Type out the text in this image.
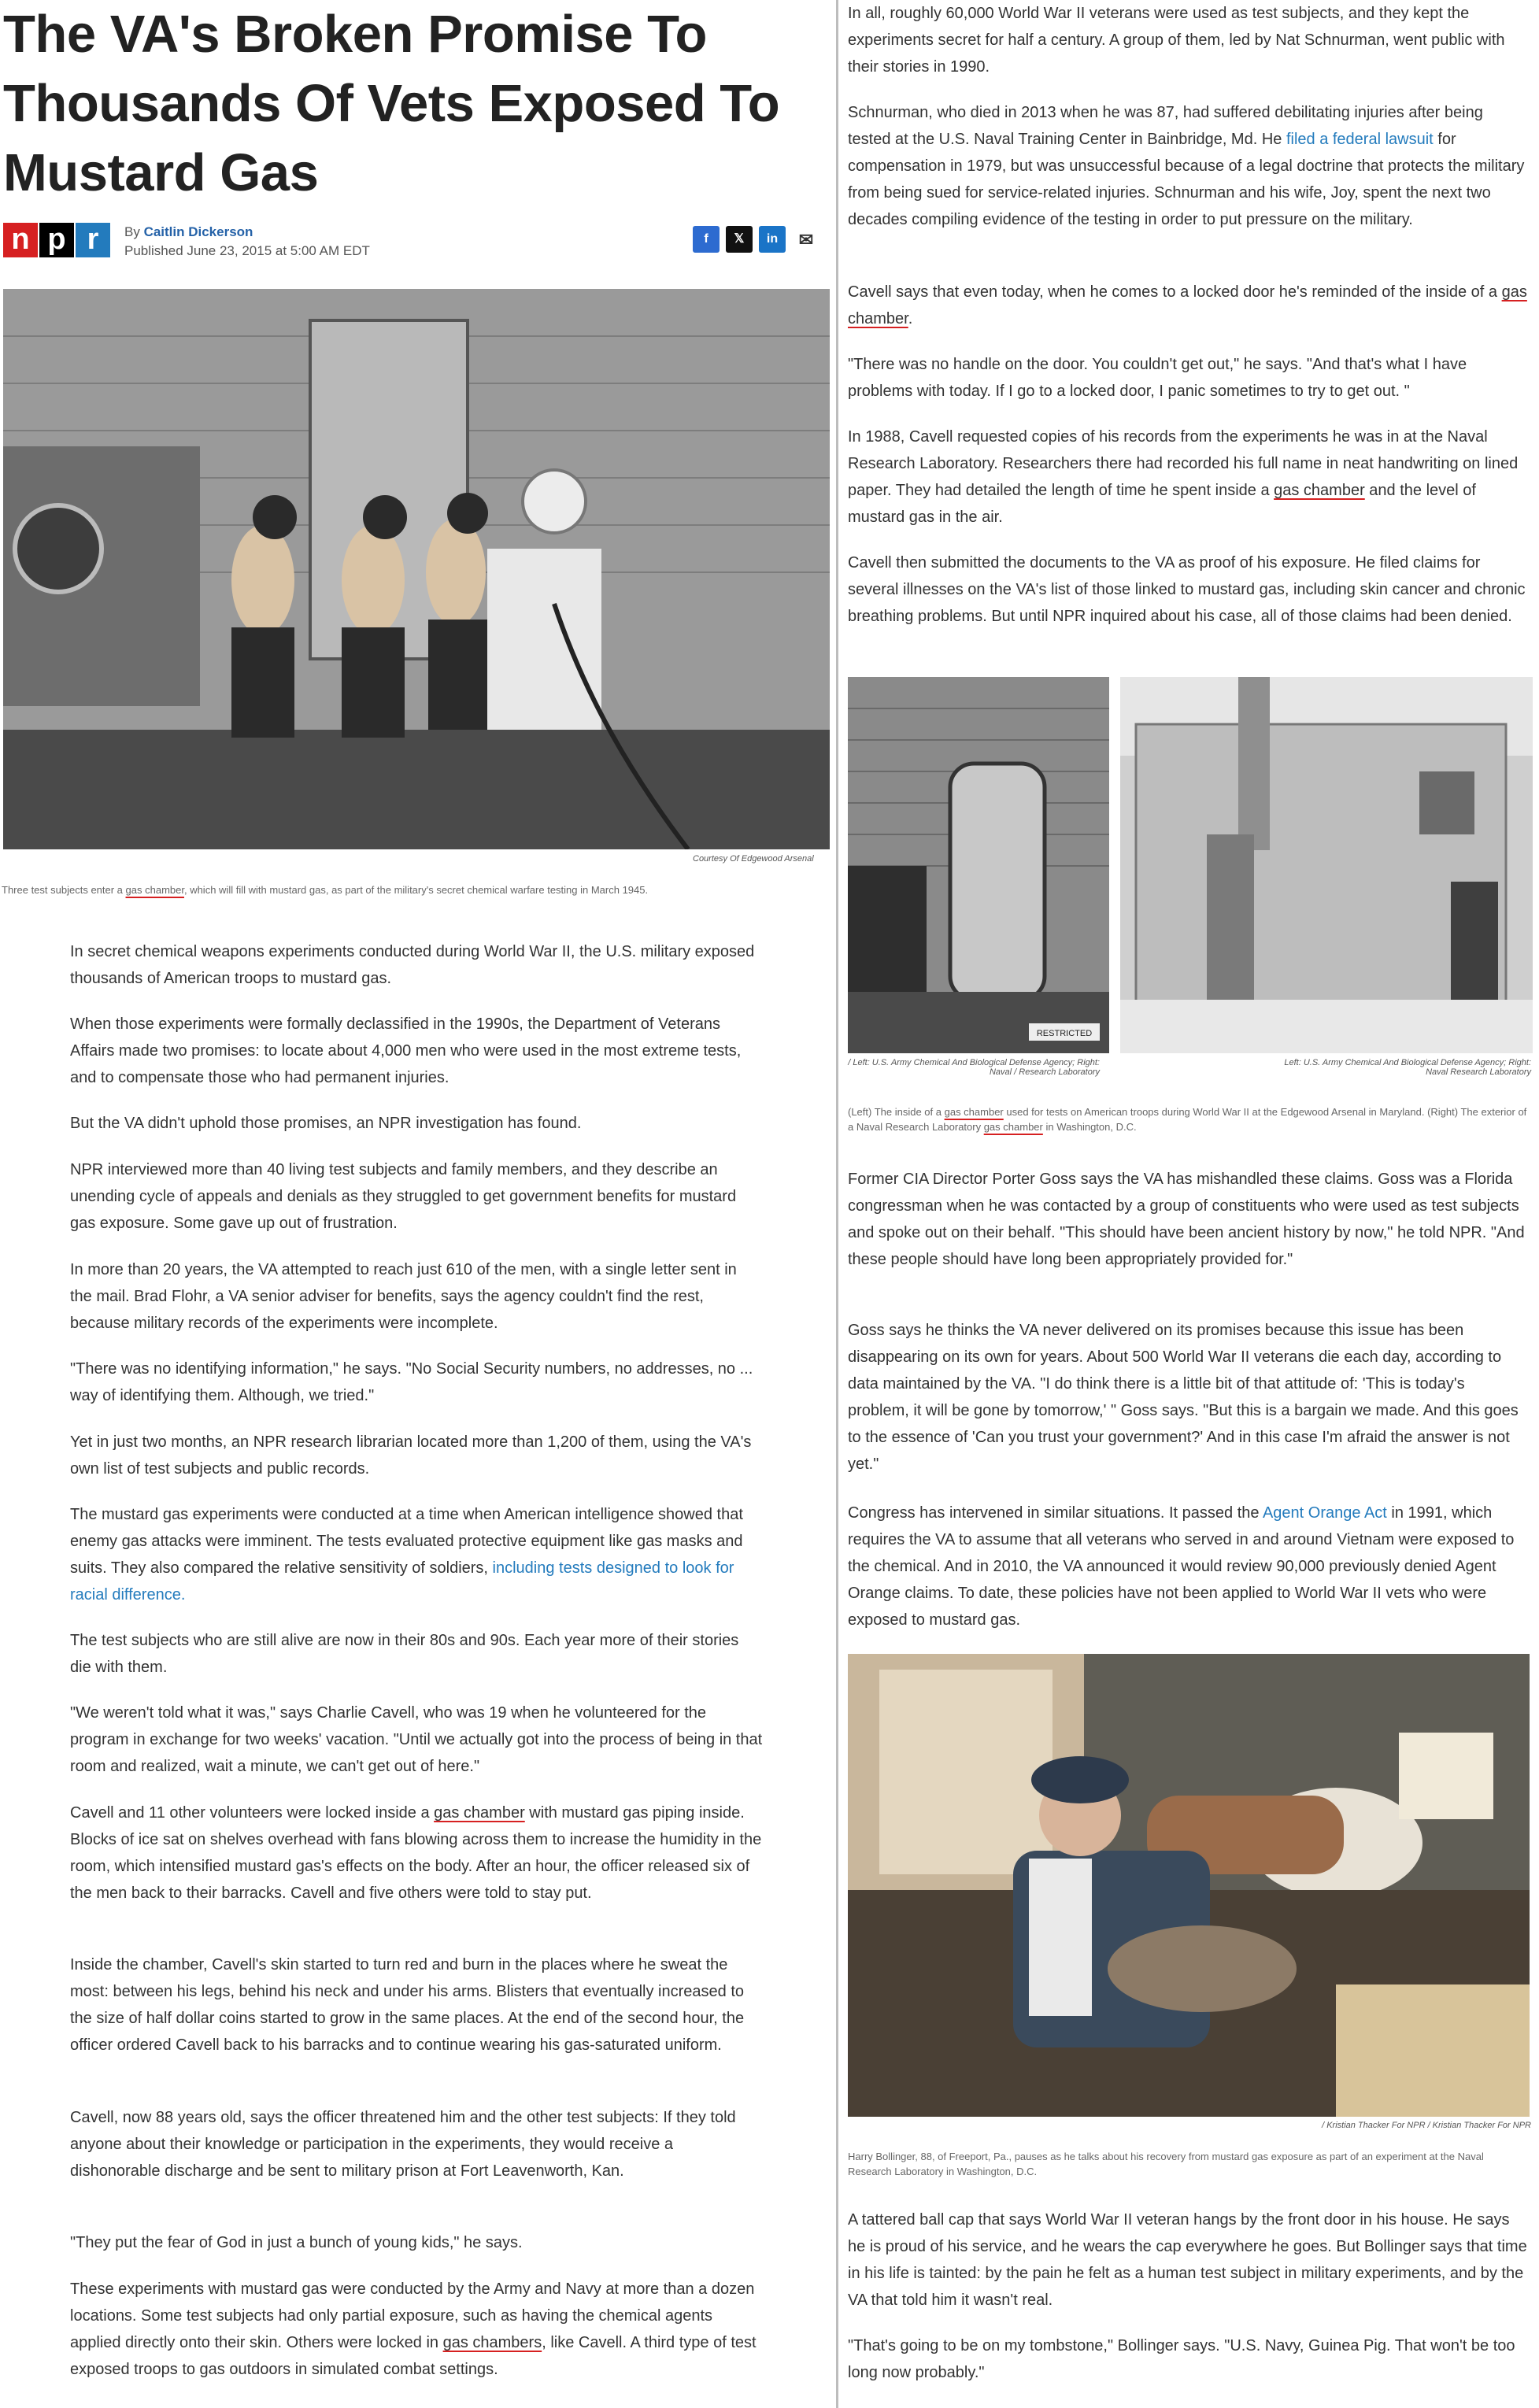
The VA's Broken Promise To Thousands Of Vets Exposed To Mustard Gas
n p r	By Caitlin Dickerson
Published June 23, 2015 at 5:00 AM EDT
f	𝕏	in	✉
Courtesy Of Edgewood Arsenal
Three test subjects enter a gas chamber, which will fill with mustard gas, as part of the military's secret chemical warfare testing in March 1945.

In secret chemical weapons experiments conducted during World War II, the U.S. military exposed thousands of American troops to mustard gas.

When those experiments were formally declassified in the 1990s, the Department of Veterans Affairs made two promises: to locate about 4,000 men who were used in the most extreme tests, and to compensate those who had permanent injuries.

But the VA didn't uphold those promises, an NPR investigation has found.

NPR interviewed more than 40 living test subjects and family members, and they describe an unending cycle of appeals and denials as they struggled to get government benefits for mustard gas exposure. Some gave up out of frustration.

In more than 20 years, the VA attempted to reach just 610 of the men, with a single letter sent in the mail. Brad Flohr, a VA senior adviser for benefits, says the agency couldn't find the rest, because military records of the experiments were incomplete.

"There was no identifying information," he says. "No Social Security numbers, no addresses, no ... way of identifying them. Although, we tried."

Yet in just two months, an NPR research librarian located more than 1,200 of them, using the VA's own list of test subjects and public records.

The mustard gas experiments were conducted at a time when American intelligence showed that enemy gas attacks were imminent. The tests evaluated protective equipment like gas masks and suits. They also compared the relative sensitivity of soldiers, including tests designed to look for racial difference.

The test subjects who are still alive are now in their 80s and 90s. Each year more of their stories die with them.

"We weren't told what it was," says Charlie Cavell, who was 19 when he volunteered for the program in exchange for two weeks' vacation. "Until we actually got into the process of being in that room and realized, wait a minute, we can't get out of here."

Cavell and 11 other volunteers were locked inside a gas chamber with mustard gas piping inside. Blocks of ice sat on shelves overhead with fans blowing across them to increase the humidity in the room, which intensified mustard gas's effects on the body. After an hour, the officer released six of the men back to their barracks. Cavell and five others were told to stay put.

Inside the chamber, Cavell's skin started to turn red and burn in the places where he sweat the most: between his legs, behind his neck and under his arms. Blisters that eventually increased to the size of half dollar coins started to grow in the same places. At the end of the second hour, the officer ordered Cavell back to his barracks and to continue wearing his gas-saturated uniform.

Cavell, now 88 years old, says the officer threatened him and the other test subjects: If they told anyone about their knowledge or participation in the experiments, they would receive a dishonorable discharge and be sent to military prison at Fort Leavenworth, Kan.

"They put the fear of God in just a bunch of young kids," he says.

These experiments with mustard gas were conducted by the Army and Navy at more than a dozen locations. Some test subjects had only partial exposure, such as having the chemical agents applied directly onto their skin. Others were locked in gas chambers, like Cavell. A third type of test exposed troops to gas outdoors in simulated combat settings.

In all, roughly 60,000 World War II veterans were used as test subjects, and they kept the experiments secret for half a century. A group of them, led by Nat Schnurman, went public with their stories in 1990.

Schnurman, who died in 2013 when he was 87, had suffered debilitating injuries after being tested at the U.S. Naval Training Center in Bainbridge, Md. He filed a federal lawsuit for compensation in 1979, but was unsuccessful because of a legal doctrine that protects the military from being sued for service-related injuries. Schnurman and his wife, Joy, spent the next two decades compiling evidence of the testing in order to put pressure on the military.

Cavell says that even today, when he comes to a locked door he's reminded of the inside of a gas chamber.

"There was no handle on the door. You couldn't get out," he says. "And that's what I have problems with today. If I go to a locked door, I panic sometimes to try to get out. "

In 1988, Cavell requested copies of his records from the experiments he was in at the Naval Research Laboratory. Researchers there had recorded his full name in neat handwriting on lined paper. They had detailed the length of time he spent inside a gas chamber and the level of mustard gas in the air.

Cavell then submitted the documents to the VA as proof of his exposure. He filed claims for several illnesses on the VA's list of those linked to mustard gas, including skin cancer and chronic breathing problems. But until NPR inquired about his case, all of those claims had been denied.

RESTRICTED
/ Left: U.S. Army Chemical And Biological Defense Agency; Right: Naval / Research Laboratory
Left: U.S. Army Chemical And Biological Defense Agency; Right: Naval Research Laboratory
(Left) The inside of a gas chamber used for tests on American troops during World War II at the Edgewood Arsenal in Maryland. (Right) The exterior of a Naval Research Laboratory gas chamber in Washington, D.C.

Former CIA Director Porter Goss says the VA has mishandled these claims. Goss was a Florida congressman when he was contacted by a group of constituents who were used as test subjects and spoke out on their behalf. "This should have been ancient history by now," he told NPR. "And these people should have long been appropriately provided for."

Goss says he thinks the VA never delivered on its promises because this issue has been disappearing on its own for years. About 500 World War II veterans die each day, according to data maintained by the VA. "I do think there is a little bit of that attitude of: 'This is today's problem, it will be gone by tomorrow,' " Goss says. "But this is a bargain we made. And this goes to the essence of 'Can you trust your government?' And in this case I'm afraid the answer is not yet."

Congress has intervened in similar situations. It passed the Agent Orange Act in 1991, which requires the VA to assume that all veterans who served in and around Vietnam were exposed to the chemical. And in 2010, the VA announced it would review 90,000 previously denied Agent Orange claims. To date, these policies have not been applied to World War II vets who were exposed to mustard gas.

/ Kristian Thacker For NPR / Kristian Thacker For NPR
Harry Bollinger, 88, of Freeport, Pa., pauses as he talks about his recovery from mustard gas exposure as part of an experiment at the Naval Research Laboratory in Washington, D.C.

A tattered ball cap that says World War II veteran hangs by the front door in his house. He says he is proud of his service, and he wears the cap everywhere he goes. But Bollinger says that time in his life is tainted: by the pain he felt as a human test subject in military experiments, and by the VA that told him it wasn't real.

"That's going to be on my tombstone," Bollinger says. "U.S. Navy, Guinea Pig. That won't be too long now probably."
